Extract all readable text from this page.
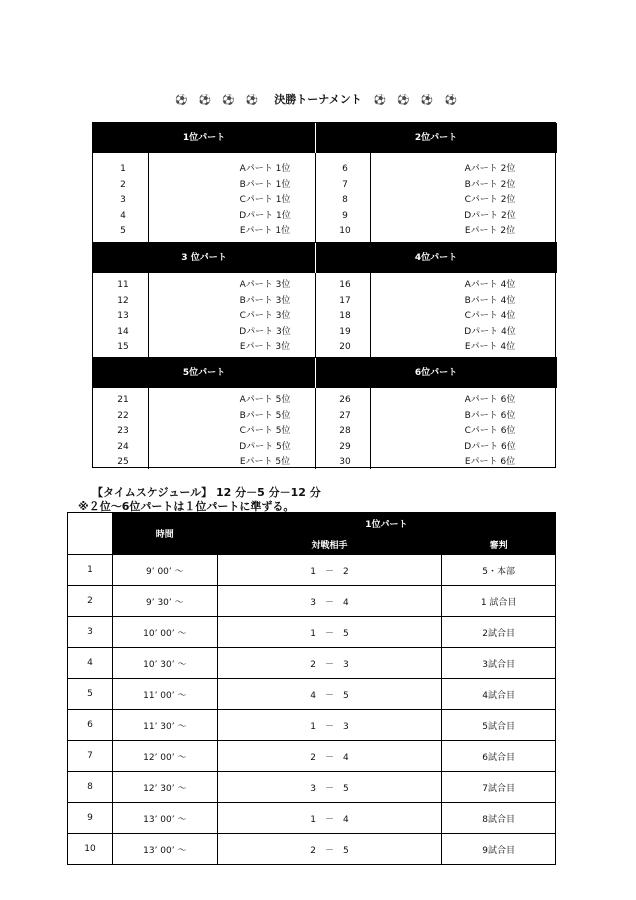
⚽ ⚽ ⚽ ⚽ 決勝トーナメント ⚽ ⚽ ⚽ ⚽
1位パート	2位パート
1	Aパート 1位
2	Bパート 1位
3	Cパート 1位
4	Dパート 1位
5	Eパート 1位
6	Aパート 2位
7	Bパート 2位
8	Cパート 2位
9	Dパート 2位
10	Eパート 2位
3 位パート	4位パート
11	Aパート 3位
12	Bパート 3位
13	Cパート 3位
14	Dパート 3位
15	Eパート 3位
16	Aパート 4位
17	Bパート 4位
18	Cパート 4位
19	Dパート 4位
20	Eパート 4位
5位パート	6位パート
21	Aパート 5位
22	Bパート 5位
23	Cパート 5位
24	Dパート 5位
25	Eパート 5位
26	Aパート 6位
27	Bパート 6位
28	Cパート 6位
29	Dパート 6位
30	Eパート 6位
【タイムスケジュール】 12 分－5 分－12 分
※２位～6位パートは１位パートに準ずる。
	時間	1位パート	
		対戦相手	審判
1	9’ 00’ ～	1　－　2	5・本部
2	9’ 30’ ～	3　－　4	1 試合目
3	10’ 00’ ～	1　－　5	2試合目
4	10’ 30’ ～	2　－　3	3試合目
5	11’ 00’ ～	4　－　5	4試合目
6	11’ 30’ ～	1　－　3	5試合目
7	12’ 00’ ～	2　－　4	6試合目
8	12’ 30’ ～	3　－　5	7試合目
9	13’ 00’ ～	1　－　4	8試合目
10	13’ 00’ ～	2　－　5	9試合目
